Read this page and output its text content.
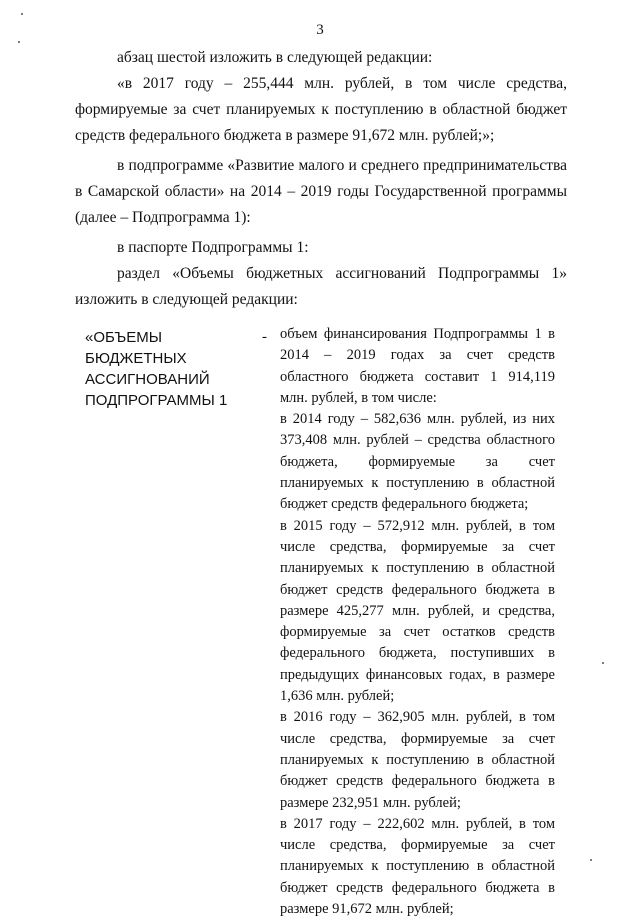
3
абзац шестой изложить в следующей редакции:
«в 2017 году – 255,444 млн. рублей, в том числе средства, формируемые за счет планируемых к поступлению в областной бюджет средств федерального бюджета в размере 91,672 млн. рублей;»;
в подпрограмме «Развитие малого и среднего предпринимательства в Самарской области» на 2014 – 2019 годы Государственной программы (далее – Подпрограмма 1):
в паспорте Подпрограммы 1:
раздел «Объемы бюджетных ассигнований Подпрограммы 1» изложить в следующей редакции:
«ОБЪЕМЫ
БЮДЖЕТНЫХ
АССИГНОВАНИЙ
ПОДПРОГРАММЫ 1
- объем финансирования Подпрограммы 1 в 2014 – 2019 годах за счет средств областного бюджета составит 1 914,119 млн. рублей, в том числе:
в 2014 году – 582,636 млн. рублей, из них 373,408 млн. рублей – средства областного бюджета, формируемые за счет планируемых к поступлению в областной бюджет средств федерального бюджета;
в 2015 году – 572,912 млн. рублей, в том числе средства, формируемые за счет планируемых к поступлению в областной бюджет средств федерального бюджета в размере 425,277 млн. рублей, и средства, формируемые за счет остатков средств федерального бюджета, поступивших в предыдущих финансовых годах, в размере 1,636 млн. рублей;
в 2016 году – 362,905 млн. рублей, в том числе средства, формируемые за счет планируемых к поступлению в областной бюджет средств федерального бюджета в размере 232,951 млн. рублей;
в 2017 году – 222,602 млн. рублей, в том числе средства, формируемые за счет планируемых к поступлению в областной бюджет средств федерального бюджета в размере 91,672 млн. рублей;
